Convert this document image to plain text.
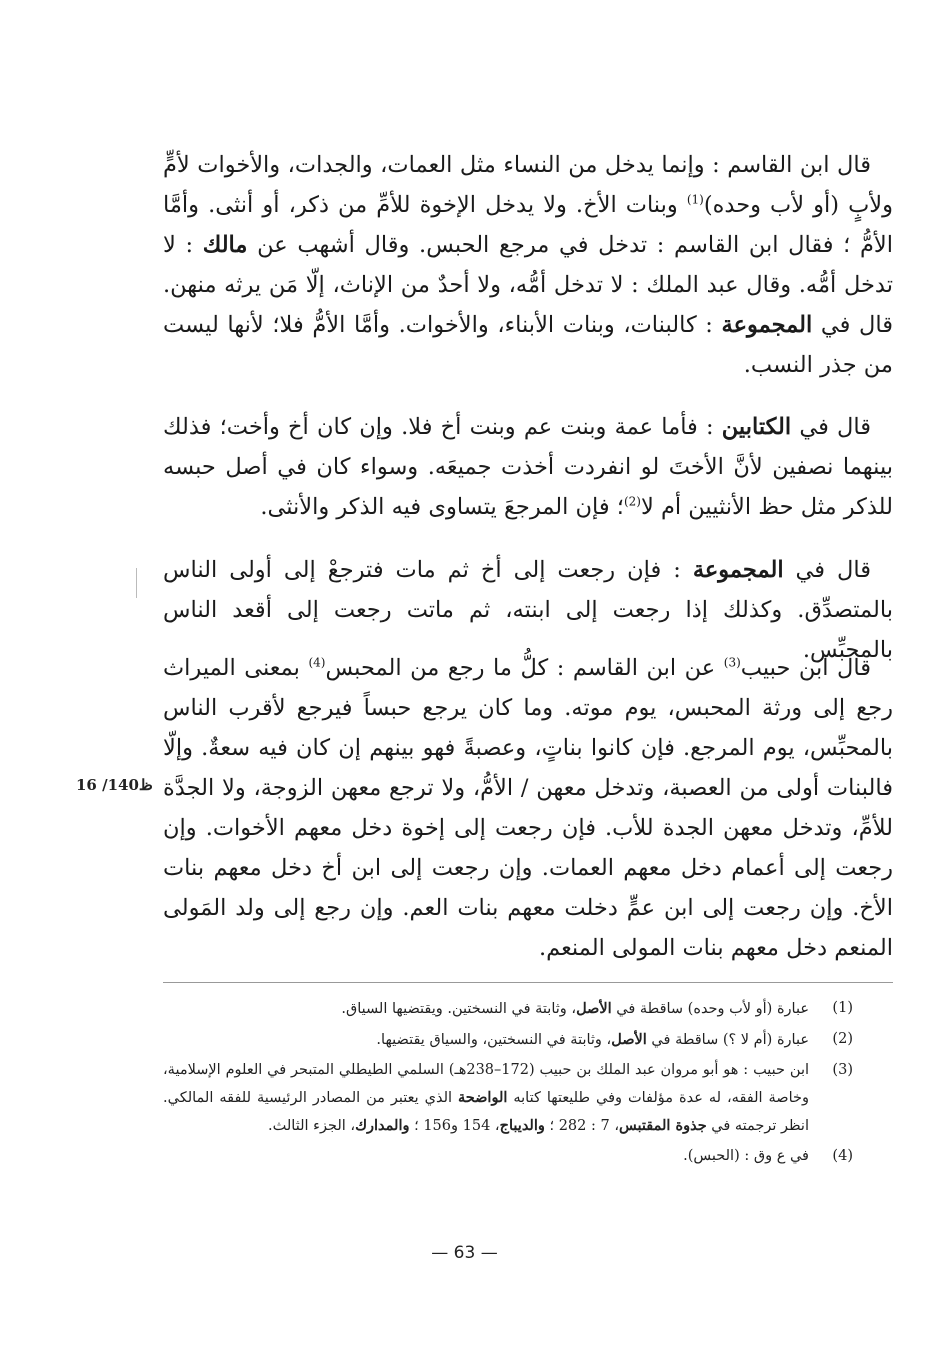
قال ابن القاسم : وإنما يدخل من النساء مثل العمات، والجدات، والأخوات لأمٍّ ولأبٍ (أو لأب وحده)$^{(1)}$ وبنات الأخ. ولا يدخل الإخوة للأمِّ من ذكر، أو أنثى. وأمَّا الأمُّ ؛ فقال ابن القاسم : تدخل في مرجع الحبس. وقال أشهب عن مالك : لا تدخل أمُّه. وقال عبد الملك : لا تدخل أمُّه، ولا أحدٌ من الإناث، إلّا مَن يرثه منهن. قال في المجموعة : كالبنات، وبنات الأبناء، والأخوات. وأمَّا الأمُّ فلا؛ لأنها ليست من جذر النسب.

قال في الكتابين : فأما عمة وبنت عم وبنت أخ فلا. وإن كان أخ وأخت؛ فذلك بينهما نصفين لأنَّ الأختَ لو انفردت أخذت جميعَه. وسواء كان في أصل حبسه للذكر مثل حظ الأنثيين أم لا$^{(2)}$؛ فإن المرجعَ يتساوى فيه الذكر والأنثى.

قال في المجموعة : فإن رجعت إلى أخ ثم مات فترجعْ إلى أولى الناس بالمتصدِّق. وكذلك إذا رجعت إلى ابنته، ثم ماتت رجعت إلى أقعد الناس بالمحبِّس.

قال ابن حبيب$^{(3)}$ عن ابن القاسم : كلُّ ما رجع من المحبس$^{(4)}$ بمعنى الميراث رجع إلى ورثة المحبس، يوم موته. وما كان يرجع حبساً فيرجع لأقرب الناس بالمحبِّس، يوم المرجع. فإن كانوا بناتٍ، وعصبةً فهو بينهم إن كان فيه سعةٌ. وإلّا فالبنات أولى من العصبة، وتدخل معهن / الأمُّ، ولا ترجع معهن الزوجة، ولا الجدَّة للأمِّ، وتدخل معهن الجدة للأب. فإن رجعت إلى إخوة دخل معهم الأخوات. وإن رجعت إلى أعمام دخل معهم العمات. وإن رجعت إلى ابن أخ دخل معهم بنات الأخ. وإن رجعت إلى ابن عمٍّ دخلت معهم بنات العم. وإن رجع إلى ولد المَولى المنعم دخل معهم بنات المولى المنعم.

16 /140ظ
(1)
عبارة (أو لأب وحده) ساقطة في الأصل، وثابتة في النسختين. ويقتضيها السياق.
(2)
عبارة (أم لا ؟) ساقطة في الأصل، وثابتة في النسختين، والسياق يقتضيها.
(3)
ابن حبيب : هو أبو مروان عبد الملك بن حبيب (172–238هـ) السلمي الطيطلي المتبحر في العلوم الإسلامية، وخاصة الفقه، له عدة مؤلفات وفي طليعتها كتابه الواضحة الذي يعتبر من المصادر الرئيسية للفقه المالكي. انظر ترجمته في جذوة المقتبس، 7 : 282 ؛ والديباج، 154 و156 ؛ والمدارك، الجزء الثالث.
(4)
في ع وق : (الحبس).
— 63 —
